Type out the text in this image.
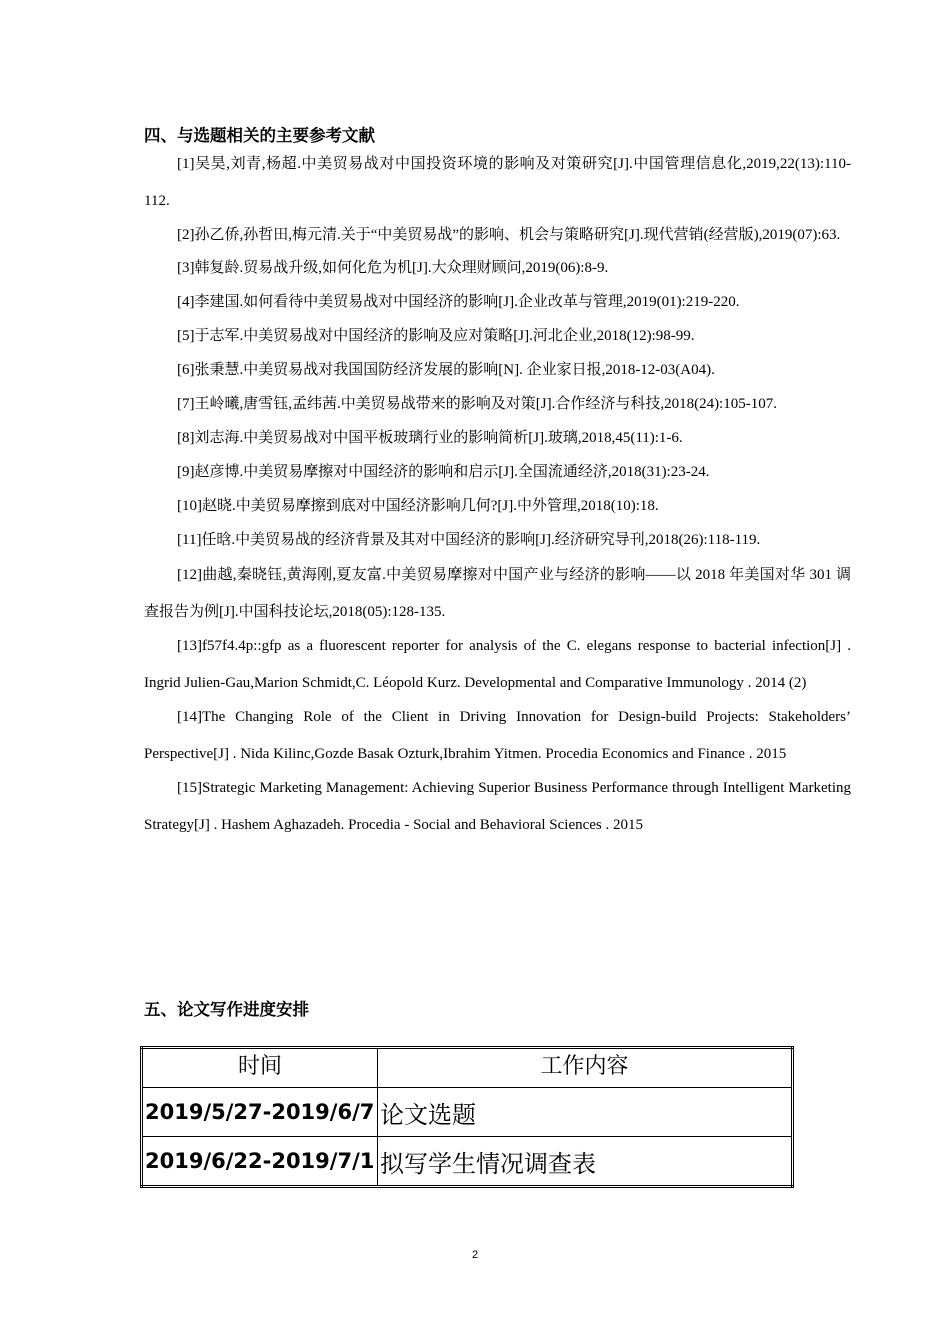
四、与选题相关的主要参考文献

[1]吴昊,刘青,杨超.中美贸易战对中国投资环境的影响及对策研究[J].中国管理信息化,2019,22(13):110-112.

[2]孙乙侨,孙哲田,梅元清.关于“中美贸易战”的影响、机会与策略研究[J].现代营销(经营版),2019(07):63.

[3]韩复龄.贸易战升级,如何化危为机[J].大众理财顾问,2019(06):8-9.

[4]李建国.如何看待中美贸易战对中国经济的影响[J].企业改革与管理,2019(01):219-220.

[5]于志军.中美贸易战对中国经济的影响及应对策略[J].河北企业,2018(12):98-99.

[6]张秉慧.中美贸易战对我国国防经济发展的影响[N]. 企业家日报,2018-12-03(A04).

[7]王岭曦,唐雪钰,孟纬茜.中美贸易战带来的影响及对策[J].合作经济与科技,2018(24):105-107.

[8]刘志海.中美贸易战对中国平板玻璃行业的影响简析[J].玻璃,2018,45(11):1-6.

[9]赵彦博.中美贸易摩擦对中国经济的影响和启示[J].全国流通经济,2018(31):23-24.

[10]赵晓.中美贸易摩擦到底对中国经济影响几何?[J].中外管理,2018(10):18.

[11]任晗.中美贸易战的经济背景及其对中国经济的影响[J].经济研究导刊,2018(26):118-119.

[12]曲越,秦晓钰,黄海刚,夏友富.中美贸易摩擦对中国产业与经济的影响——以 2018 年美国对华 301 调查报告为例[J].中国科技论坛,2018(05):128-135.

[13]f57f4.4p::gfp as a fluorescent reporter for analysis of the C. elegans response to bacterial infection[J] . Ingrid Julien-Gau,Marion Schmidt,C. Léopold Kurz. Developmental and Comparative Immunology . 2014 (2)

[14]The Changing Role of the Client in Driving Innovation for Design-build Projects: Stakeholders’ Perspective[J] . Nida Kilinc,Gozde Basak Ozturk,Ibrahim Yitmen. Procedia Economics and Finance . 2015

[15]Strategic Marketing Management: Achieving Superior Business Performance through Intelligent Marketing Strategy[J] . Hashem Aghazadeh. Procedia - Social and Behavioral Sciences . 2015

五、论文写作进度安排
时间	工作内容
2019/5/27-2019/6/7	论文选题
2019/6/22-2019/7/1	拟写学生情况调查表
2
